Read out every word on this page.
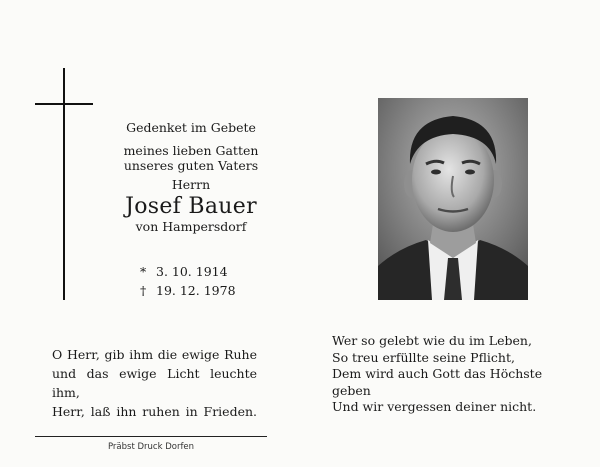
Gedenket im Gebete
meines lieben Gatten
unseres guten Vaters
Herrn
Josef Bauer
von Hampersdorf
* 3. 10. 1914
† 19. 12. 1978
O Herr, gib ihm die ewige Ruhe
und das ewige Licht leuchte ihm,
Herr, laß ihn ruhen in Frieden.
Wer so gelebt wie du im Leben,
So treu erfüllte seine Pflicht,
Dem wird auch Gott das Höchste geben
Und wir vergessen deiner nicht.
Präbst Druck Dorfen
